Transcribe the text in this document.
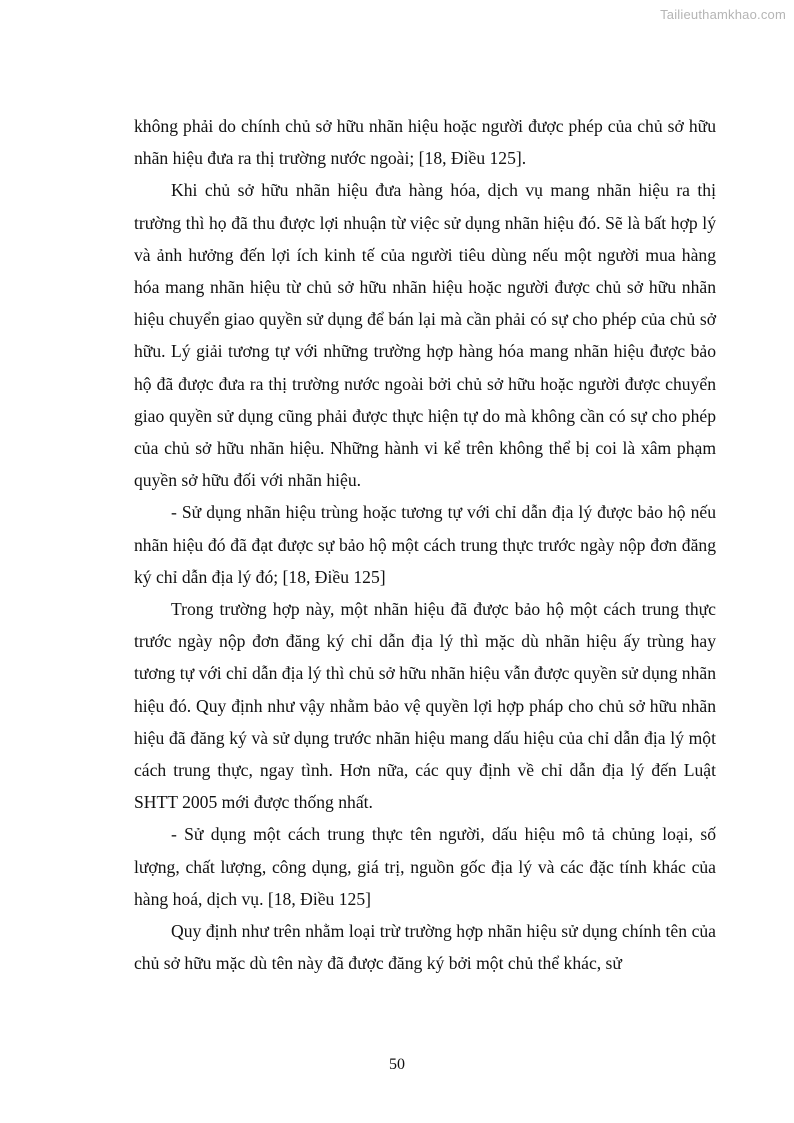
Tailieuthamkhao.com

không phải do chính chủ sở hữu nhãn hiệu hoặc người được phép của chủ sở hữu nhãn hiệu đưa ra thị trường nước ngoài; [18, Điều 125].

Khi chủ sở hữu nhãn hiệu đưa hàng hóa, dịch vụ mang nhãn hiệu ra thị trường thì họ đã thu được lợi nhuận từ việc sử dụng nhãn hiệu đó. Sẽ là bất hợp lý và ảnh hưởng đến lợi ích kinh tế của người tiêu dùng nếu một người mua hàng hóa mang nhãn hiệu từ chủ sở hữu nhãn hiệu hoặc người được chủ sở hữu nhãn hiệu chuyển giao quyền sử dụng để bán lại mà cần phải có sự cho phép của chủ sở hữu. Lý giải tương tự với những trường hợp hàng hóa mang nhãn hiệu được bảo hộ đã được đưa ra thị trường nước ngoài bởi chủ sở hữu hoặc người được chuyển giao quyền sử dụng cũng phải được thực hiện tự do mà không cần có sự cho phép của chủ sở hữu nhãn hiệu. Những hành vi kể trên không thể bị coi là xâm phạm quyền sở hữu đối với nhãn hiệu.

- Sử dụng nhãn hiệu trùng hoặc tương tự với chỉ dẫn địa lý được bảo hộ nếu nhãn hiệu đó đã đạt được sự bảo hộ một cách trung thực trước ngày nộp đơn đăng ký chỉ dẫn địa lý đó; [18, Điều 125]

Trong trường hợp này, một nhãn hiệu đã được bảo hộ một cách trung thực trước ngày nộp đơn đăng ký chỉ dẫn địa lý thì mặc dù nhãn hiệu ấy trùng hay tương tự với chỉ dẫn địa lý thì chủ sở hữu nhãn hiệu vẫn được quyền sử dụng nhãn hiệu đó. Quy định như vậy nhằm bảo vệ quyền lợi hợp pháp cho chủ sở hữu nhãn hiệu đã đăng ký và sử dụng trước nhãn hiệu mang dấu hiệu của chỉ dẫn địa lý một cách trung thực, ngay tình. Hơn nữa, các quy định về chỉ dẫn địa lý đến Luật SHTT 2005 mới được thống nhất.

- Sử dụng một cách trung thực tên người, dấu hiệu mô tả chủng loại, số lượng, chất lượng, công dụng, giá trị, nguồn gốc địa lý và các đặc tính khác của hàng hoá, dịch vụ. [18, Điều 125]

Quy định như trên nhằm loại trừ trường hợp nhãn hiệu sử dụng chính tên của chủ sở hữu mặc dù tên này đã được đăng ký bởi một chủ thể khác, sử

50
